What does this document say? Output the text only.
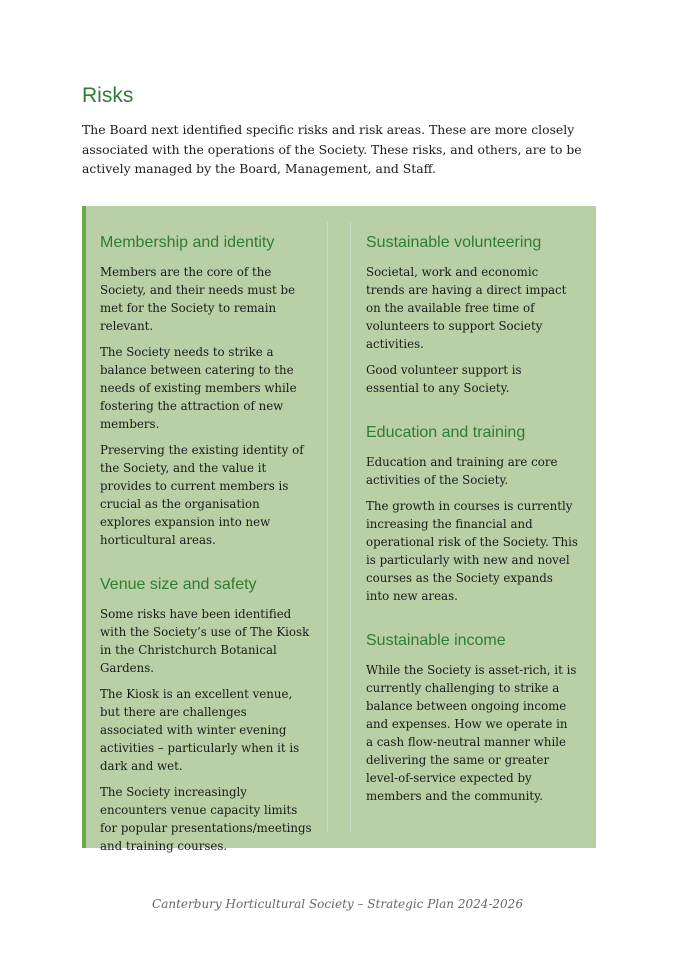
Risks

The Board next identified specific risks and risk areas. These are more closely associated with the operations of the Society. These risks, and others, are to be actively managed by the Board, Management, and Staff.

Membership and identity

Members are the core of the Society, and their needs must be met for the Society to remain relevant.

The Society needs to strike a balance between catering to the needs of existing members while fostering the attraction of new members.

Preserving the existing identity of the Society, and the value it provides to current members is crucial as the organisation explores expansion into new horticultural areas.

Venue size and safety

Some risks have been identified with the Society’s use of The Kiosk in the Christchurch Botanical Gardens.

The Kiosk is an excellent venue, but there are challenges associated with winter evening activities – particularly when it is dark and wet.

The Society increasingly encounters venue capacity limits for popular presentations/meetings and training courses.

Sustainable volunteering

Societal, work and economic trends are having a direct impact on the available free time of volunteers to support Society activities.

Good volunteer support is essential to any Society.

Education and training

Education and training are core activities of the Society.

The growth in courses is currently increasing the financial and operational risk of the Society. This is particularly with new and novel courses as the Society expands into new areas.

Sustainable income

While the Society is asset-rich, it is currently challenging to strike a balance between ongoing income and expenses. How we operate in a cash flow-neutral manner while delivering the same or greater level-of-service expected by members and the community.

Canterbury Horticultural Society – Strategic Plan 2024-2026
